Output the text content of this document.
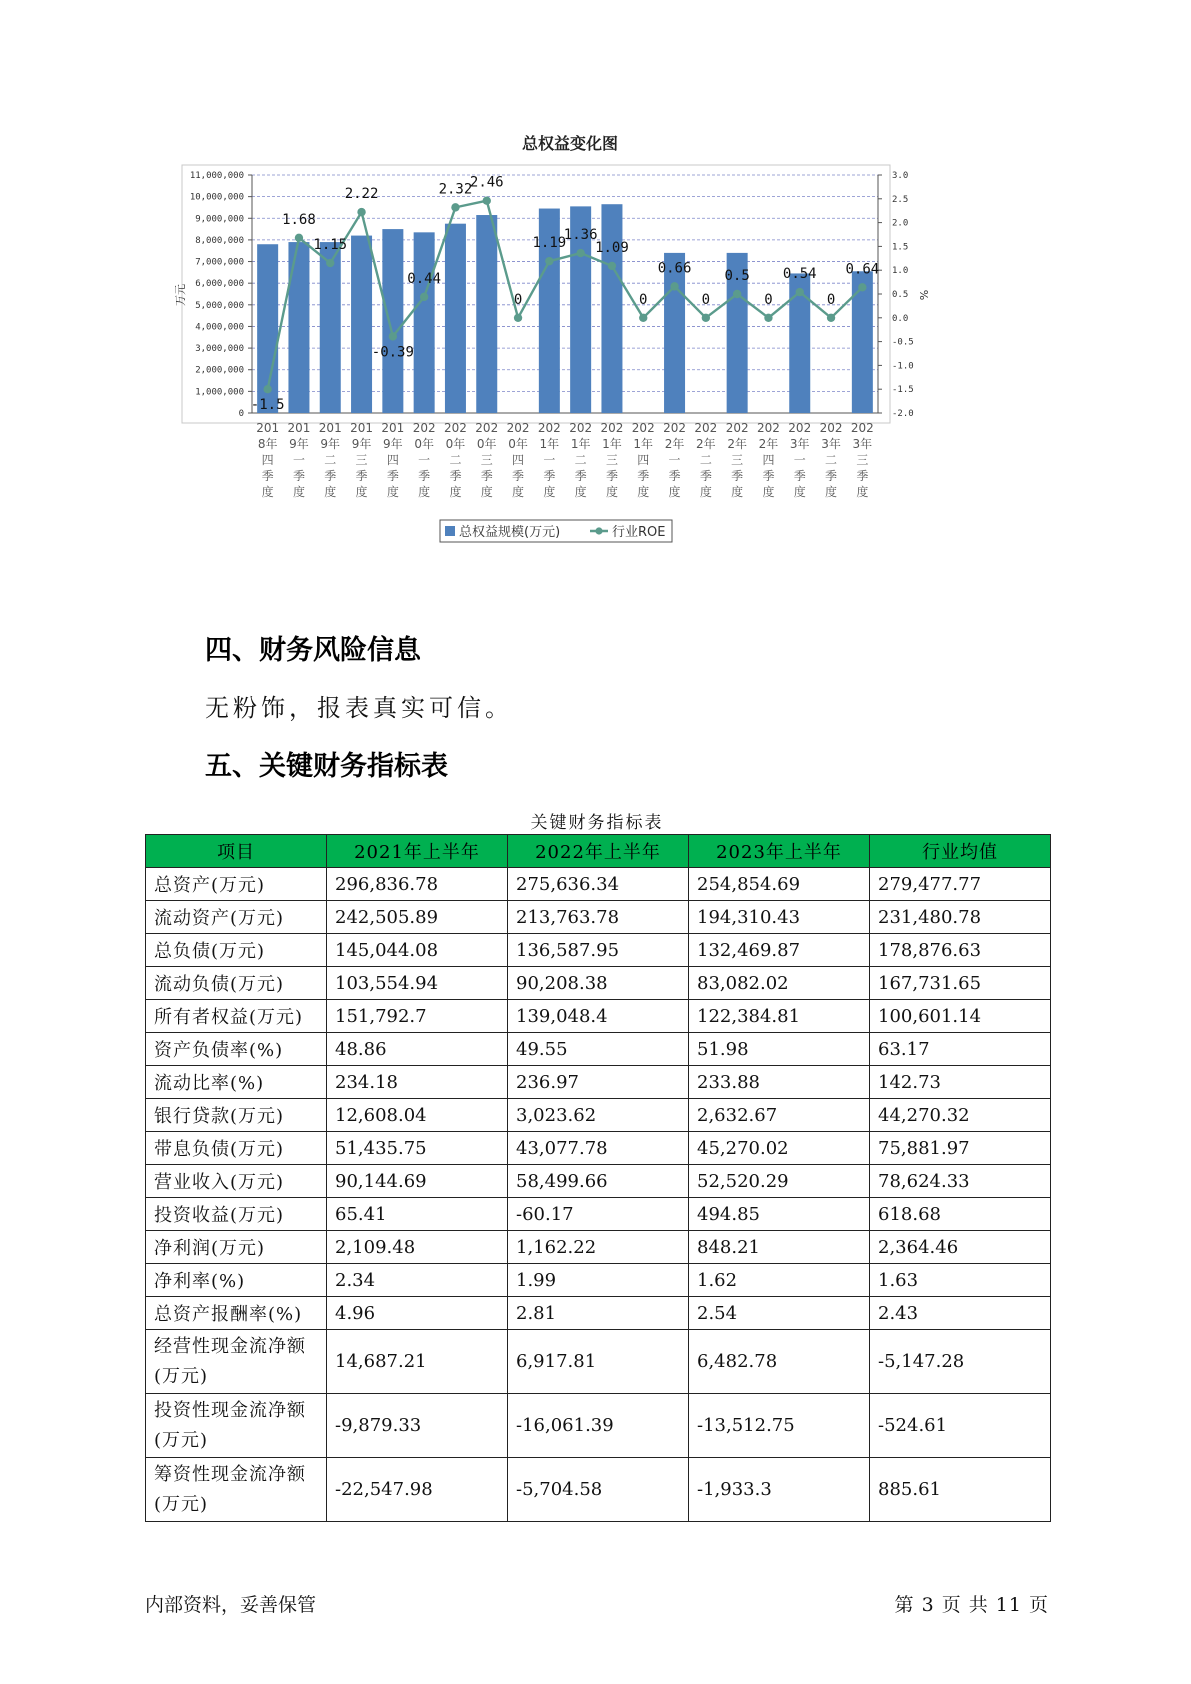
总权益变化图
0
1,000,000
2,000,000
3,000,000
4,000,000
5,000,000
6,000,000
7,000,000
8,000,000
9,000,000
10,000,000
11,000,000
-2.0
-1.5
-1.0
-0.5
0.0
0.5
1.0
1.5
2.0
2.5
3.0
万元	%
-1.5
1.68
1.15
2.22
-0.39
0.44
2.32
2.46
0
1.19
1.36
1.09
0
0.66
0
0.5
0
0.54
0
0.64
201 8年四季度
201 9年一季度
201 9年二季度
201 9年三季度
201 9年四季度
202 0年一季度
202 0年二季度
202 0年三季度
202 0年四季度
202 1年一季度
202 1年二季度
202 1年三季度
202 1年四季度
202 2年一季度
202 2年二季度
202 2年三季度
202 2年四季度
202 3年一季度
202 3年二季度
202 3年三季度
总权益规模(万元)	行业ROE
四、财务风险信息

无粉饰，报表真实可信。

五、关键财务指标表
关键财务指标表
项目	2021年上半年	2022年上半年	2023年上半年	行业均值
总资产(万元)	296,836.78	275,636.34	254,854.69	279,477.77
流动资产(万元)	242,505.89	213,763.78	194,310.43	231,480.78
总负债(万元)	145,044.08	136,587.95	132,469.87	178,876.63
流动负债(万元)	103,554.94	90,208.38	83,082.02	167,731.65
所有者权益(万元)	151,792.7	139,048.4	122,384.81	100,601.14
资产负债率(%)	48.86	49.55	51.98	63.17
流动比率(%)	234.18	236.97	233.88	142.73
银行贷款(万元)	12,608.04	3,023.62	2,632.67	44,270.32
带息负债(万元)	51,435.75	43,077.78	45,270.02	75,881.97
营业收入(万元)	90,144.69	58,499.66	52,520.29	78,624.33
投资收益(万元)	65.41	-60.17	494.85	618.68
净利润(万元)	2,109.48	1,162.22	848.21	2,364.46
净利率(%)	2.34	1.99	1.62	1.63
总资产报酬率(%)	4.96	2.81	2.54	2.43
经营性现金流净额(万元)	14,687.21	6,917.81	6,482.78	-5,147.28
投资性现金流净额(万元)	-9,879.33	-16,061.39	-13,512.75	-524.61
筹资性现金流净额(万元)	-22,547.98	-5,704.58	-1,933.3	885.61
内部资料，妥善保管	第 3 页 共 11 页
